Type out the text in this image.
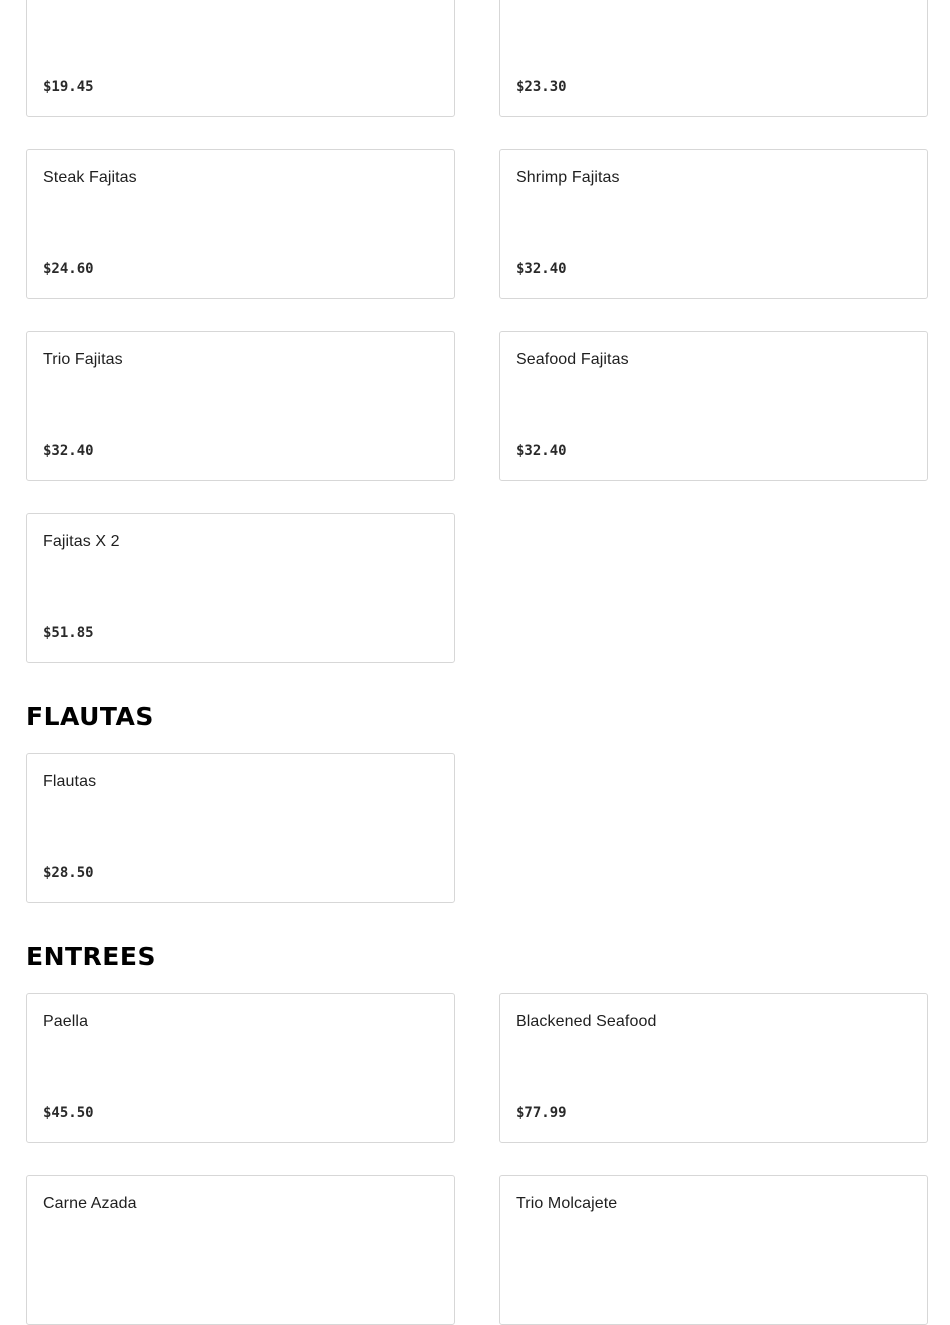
$19.45	$23.30
Steak Fajitas
$24.60
Shrimp Fajitas
$32.40
Trio Fajitas
$32.40
Seafood Fajitas
$32.40
Fajitas X 2
$51.85
FLAUTAS
Flautas
$28.50
ENTREES
Paella
$45.50
Blackened Seafood
$77.99
Carne Azada	Trio Molcajete
